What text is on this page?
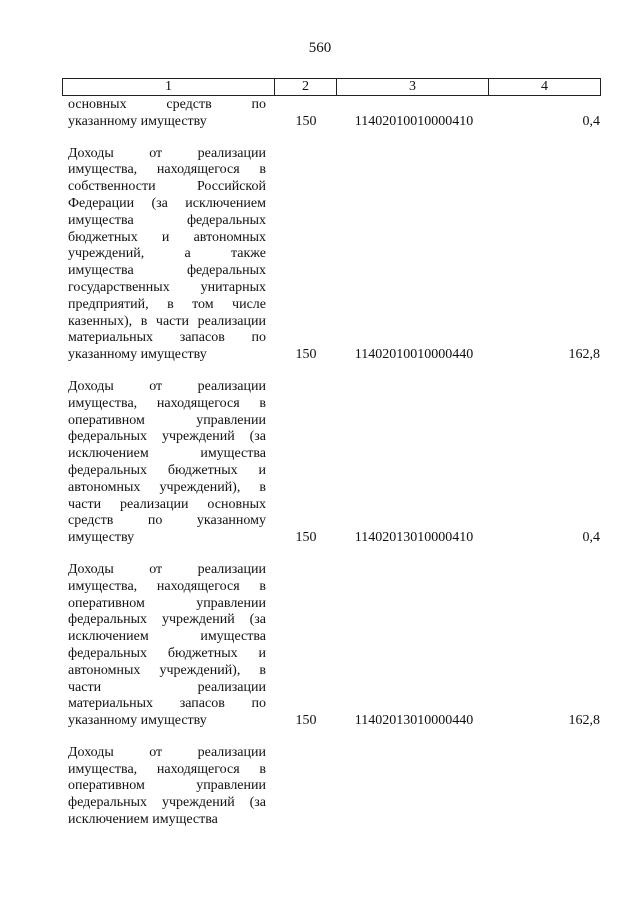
560
1	2	3	4
основных средств по
указанному имуществу	150	11402010010000410	0,4
Доходы от реализации
имущества, находящегося в
собственности Российской
Федерации (за исключением
имущества федеральных
бюджетных и автономных
учреждений, а также
имущества федеральных
государственных унитарных
предприятий, в том числе
казенных), в части реализации
материальных запасов по
указанному имуществу	150	11402010010000440	162,8
Доходы от реализации
имущества, находящегося в
оперативном управлении
федеральных учреждений (за
исключением имущества
федеральных бюджетных и
автономных учреждений), в
части реализации основных
средств по указанному
имуществу	150	11402013010000410	0,4
Доходы от реализации
имущества, находящегося в
оперативном управлении
федеральных учреждений (за
исключением имущества
федеральных бюджетных и
автономных учреждений), в
части реализации
материальных запасов по
указанному имуществу	150	11402013010000440	162,8
Доходы от реализации
имущества, находящегося в
оперативном управлении
федеральных учреждений (за
исключением имущества
